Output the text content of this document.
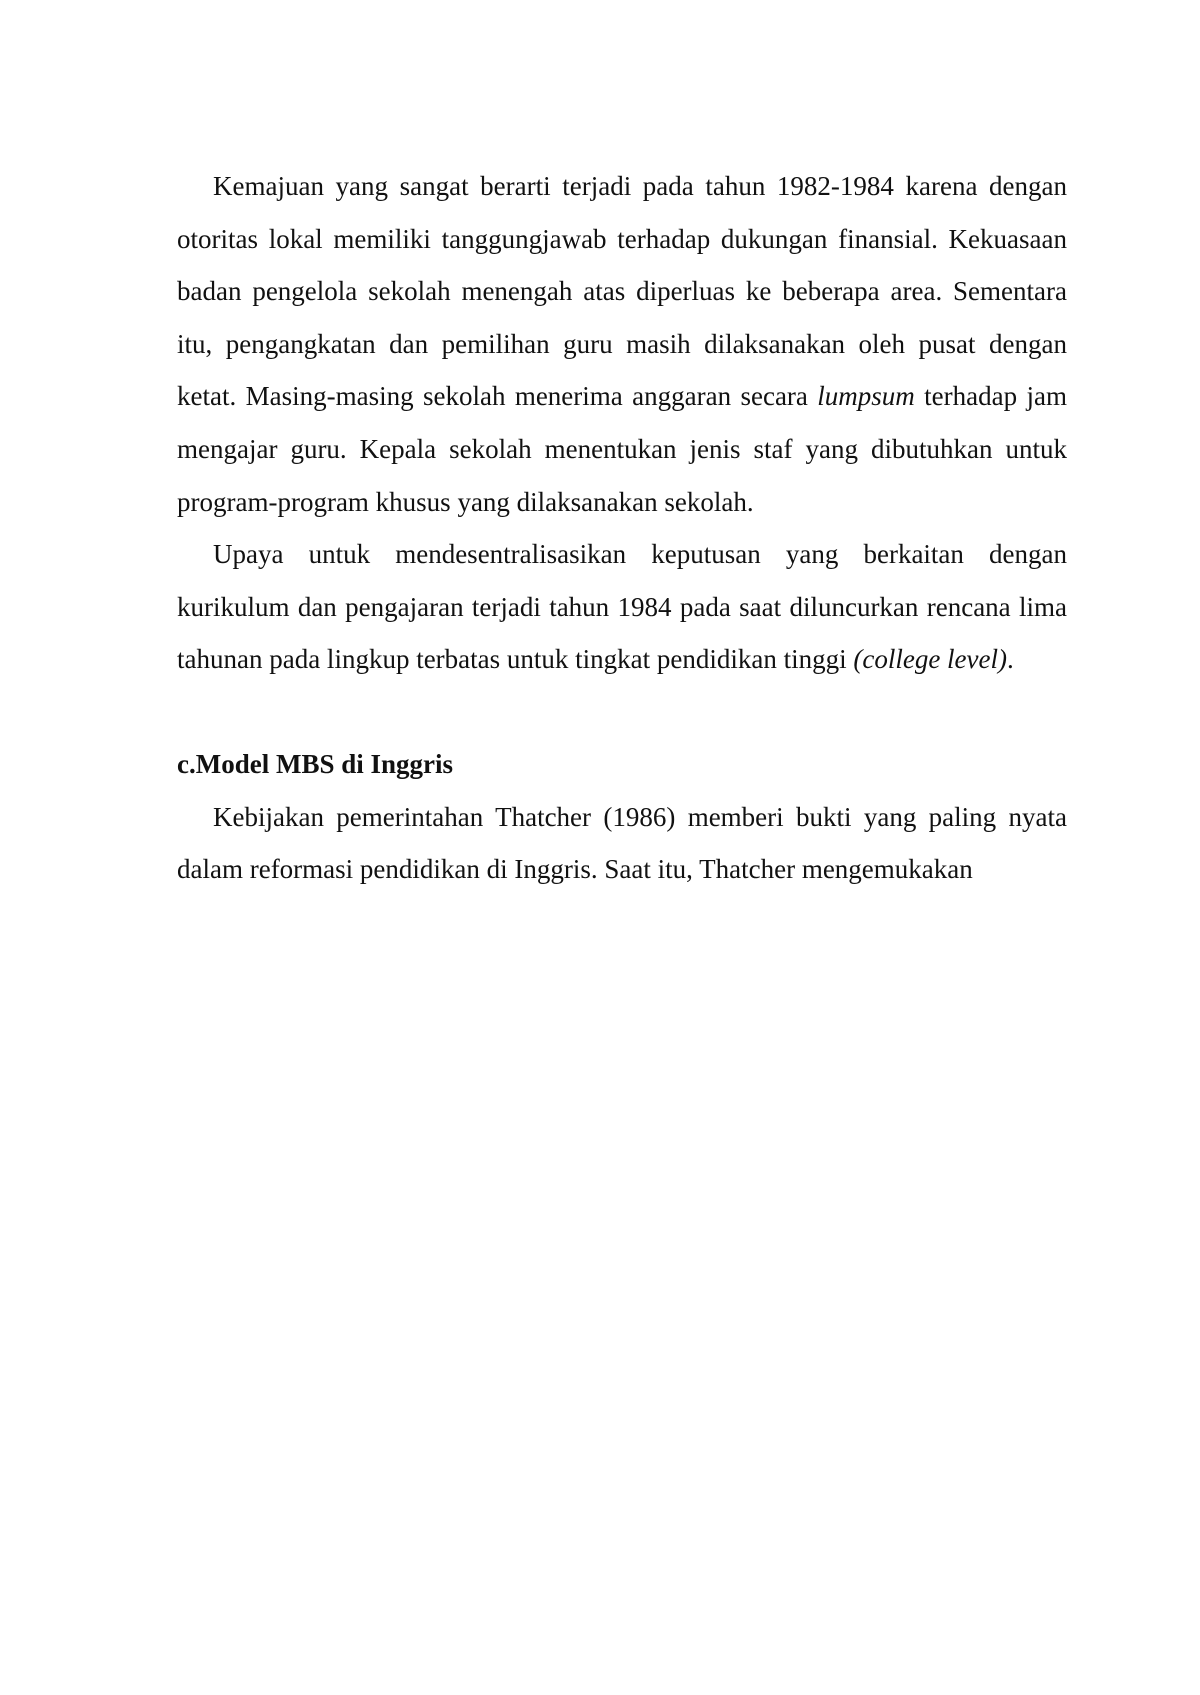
Kemajuan yang sangat berarti terjadi pada tahun 1982-1984 karena dengan otoritas lokal memiliki tanggungjawab terhadap dukungan finansial. Kekuasaan badan pengelola sekolah menengah atas diperluas ke beberapa area. Sementara itu, pengangkatan dan pemilihan guru masih dilaksanakan oleh pusat dengan ketat. Masing-masing sekolah menerima anggaran secara lumpsum terhadap jam mengajar guru. Kepala sekolah menentukan jenis staf yang dibutuhkan untuk program-program khusus yang dilaksanakan sekolah.

Upaya untuk mendesentralisasikan keputusan yang berkaitan dengan kurikulum dan pengajaran terjadi tahun 1984 pada saat diluncurkan rencana lima tahunan pada lingkup terbatas untuk tingkat pendidikan tinggi (college level).

c.Model MBS di Inggris

Kebijakan pemerintahan Thatcher (1986) memberi bukti yang paling nyata dalam reformasi pendidikan di Inggris. Saat itu, Thatcher mengemukakan
